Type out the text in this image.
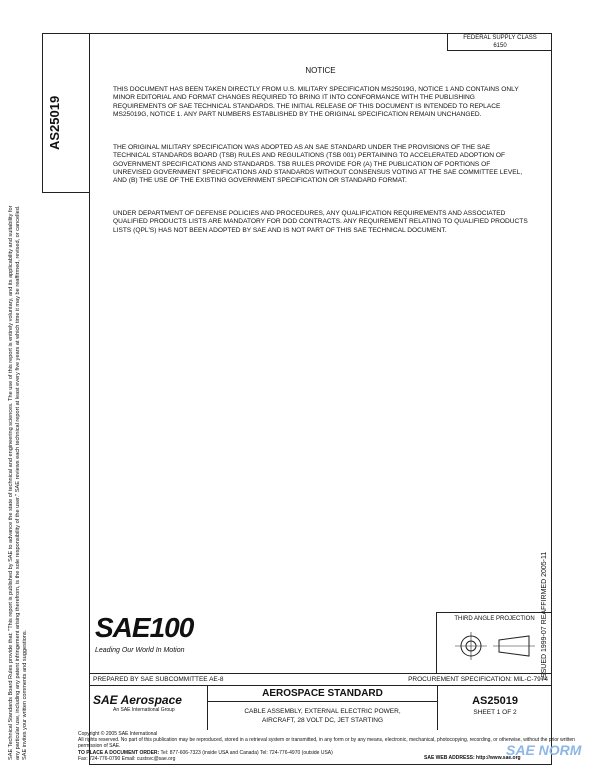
AS25019
FEDERAL SUPPLY CLASS
6150
NOTICE
THIS DOCUMENT HAS BEEN TAKEN DIRECTLY FROM U.S. MILITARY SPECIFICATION MS25019G, NOTICE 1 AND CONTAINS ONLY MINOR EDITORIAL AND FORMAT CHANGES REQUIRED TO BRING IT INTO CONFORMANCE WITH THE PUBLISHING REQUIREMENTS OF SAE TECHNICAL STANDARDS. THE INITIAL RELEASE OF THIS DOCUMENT IS INTENDED TO REPLACE MS25019G, NOTICE 1. ANY PART NUMBERS ESTABLISHED BY THE ORIGINAL SPECIFICATION REMAIN UNCHANGED.
THE ORIGINAL MILITARY SPECIFICATION WAS ADOPTED AS AN SAE STANDARD UNDER THE PROVISIONS OF THE SAE TECHNICAL STANDARDS BOARD (TSB) RULES AND REGULATIONS (TSB 001) PERTAINING TO ACCELERATED ADOPTION OF GOVERNMENT SPECIFICATIONS AND STANDARDS. TSB RULES PROVIDE FOR (A) THE PUBLICATION OF PORTIONS OF UNREVISED GOVERNMENT SPECIFICATIONS AND STANDARDS WITHOUT CONSENSUS VOTING AT THE SAE COMMITTEE LEVEL, AND (B) THE USE OF THE EXISTING GOVERNMENT SPECIFICATION OR STANDARD FORMAT.
UNDER DEPARTMENT OF DEFENSE POLICIES AND PROCEDURES, ANY QUALIFICATION REQUIREMENTS AND ASSOCIATED QUALIFIED PRODUCTS LISTS ARE MANDATORY FOR DOD CONTRACTS. ANY REQUIREMENT RELATING TO QUALIFIED PRODUCTS LISTS (QPL'S) HAS NOT BEEN ADOPTED BY SAE AND IS NOT PART OF THIS SAE TECHNICAL DOCUMENT.
SAE Technical Standards Board Rules provide that: "This report is published by SAE to advance the state of technical and engineering sciences. The use of this report is entirely voluntary, and its applicability and suitability for any particular use, including any patent infringement arising therefrom, is the sole responsibility of the user." SAE reviews each technical report at least every five years at which time it may be reaffirmed, revised, or cancelled. SAE invites your written comments and suggestions.
ISSUED 1999-07 REAFFIRMED 2005-11
SAE100
Leading Our World In Motion
THIRD ANGLE PROJECTION
PREPARED BY SAE SUBCOMMITTEE AE-8	PROCUREMENT SPECIFICATION: MIL-C-7974
SAE Aerospace
An SAE International Group
AEROSPACE STANDARD
CABLE ASSEMBLY, EXTERNAL ELECTRIC POWER,
AIRCRAFT, 28 VOLT DC, JET STARTING
AS25019
SHEET 1 OF 2
Copyright © 2005 SAE International
All rights reserved. No part of this publication may be reproduced, stored in a retrieval system or transmitted, in any form or by any means, electronic, mechanical, photocopying, recording, or otherwise, without the prior written permission of SAE.
TO PLACE A DOCUMENT ORDER: Tel: 877-606-7323 (inside USA and Canada) Tel: 724-776-4970 (outside USA)
Fax: 724-776-0790 Email: custsvc@sae.org	SAE WEB ADDRESS: http://www.sae.org
SAE NORM
